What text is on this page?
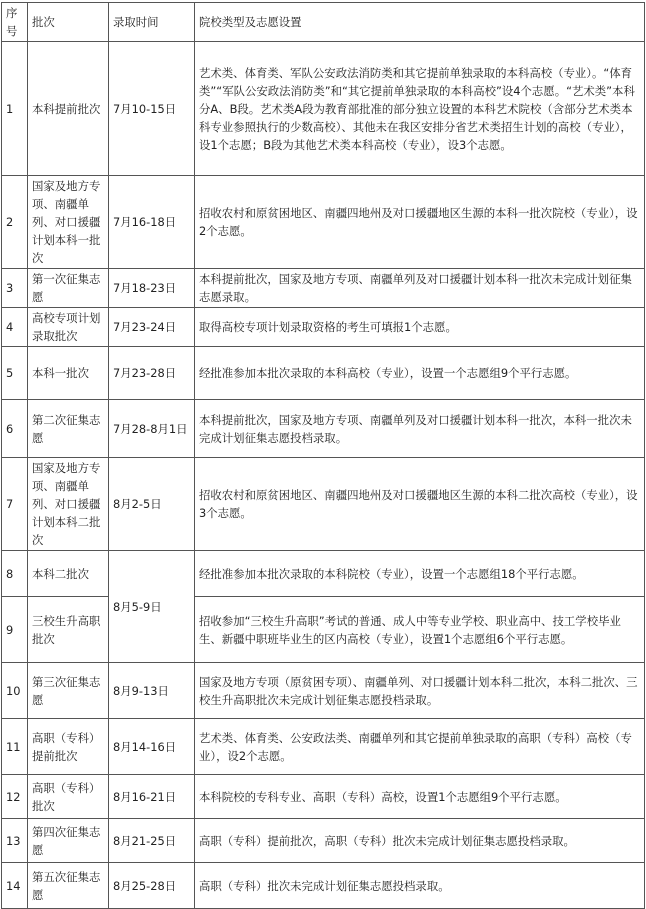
序号	批次	录取时间	院校类型及志愿设置
1	本科提前批次	7月10-15日	艺术类、体育类、军队公安政法消防类和其它提前单独录取的本科高校（专业）。“体育类”“军队公安政法消防类”和“其它提前单独录取的本科高校”设4个志愿。“艺术类”本科分A、B段。艺术类A段为教育部批准的部分独立设置的本科艺术院校（含部分艺术类本科专业参照执行的少数高校）、其他未在我区安排分省艺术类招生计划的高校（专业），设1个志愿；B段为其他艺术类本科高校（专业），设3个志愿。
2	国家及地方专项、南疆单列、对口援疆计划本科一批次	7月16-18日	招收农村和原贫困地区、南疆四地州及对口援疆地区生源的本科一批次院校（专业），设2个志愿。
3	第一次征集志愿	7月18-23日	本科提前批次，国家及地方专项、南疆单列及对口援疆计划本科一批次未完成计划征集志愿录取。
4	高校专项计划录取批次	7月23-24日	取得高校专项计划录取资格的考生可填报1个志愿。
5	本科一批次	7月23-28日	经批准参加本批次录取的本科高校（专业），设置一个志愿组9个平行志愿。
6	第二次征集志愿	7月28-8月1日	本科提前批次，国家及地方专项、南疆单列及对口援疆计划本科一批次，本科一批次未完成计划征集志愿投档录取。
7	国家及地方专项、南疆单列、对口援疆计划本科二批次	8月2-5日	招收农村和原贫困地区、南疆四地州及对口援疆地区生源的本科二批次高校（专业），设3个志愿。
8	本科二批次	8月5-9日	经批准参加本批次录取的本科院校（专业），设置一个志愿组18个平行志愿。
9	三校生升高职批次		招收参加“三校生升高职”考试的普通、成人中等专业学校、职业高中、技工学校毕业生、新疆中职班毕业生的区内高校（专业），设置1个志愿组6个平行志愿。
10	第三次征集志愿	8月9-13日	国家及地方专项（原贫困专项）、南疆单列、对口援疆计划本科二批次，本科二批次、三校生升高职批次未完成计划征集志愿投档录取。
11	高职（专科）提前批次	8月14-16日	艺术类、体育类、公安政法类、南疆单列和其它提前单独录取的高职（专科）高校（专业），设2个志愿。
12	高职（专科）批次	8月16-21日	本科院校的专科专业、高职（专科）高校，设置1个志愿组9个平行志愿。
13	第四次征集志愿	8月21-25日	高职（专科）提前批次，高职（专科）批次未完成计划征集志愿投档录取。
14	第五次征集志愿	8月25-28日	高职（专科）批次未完成计划征集志愿投档录取。
